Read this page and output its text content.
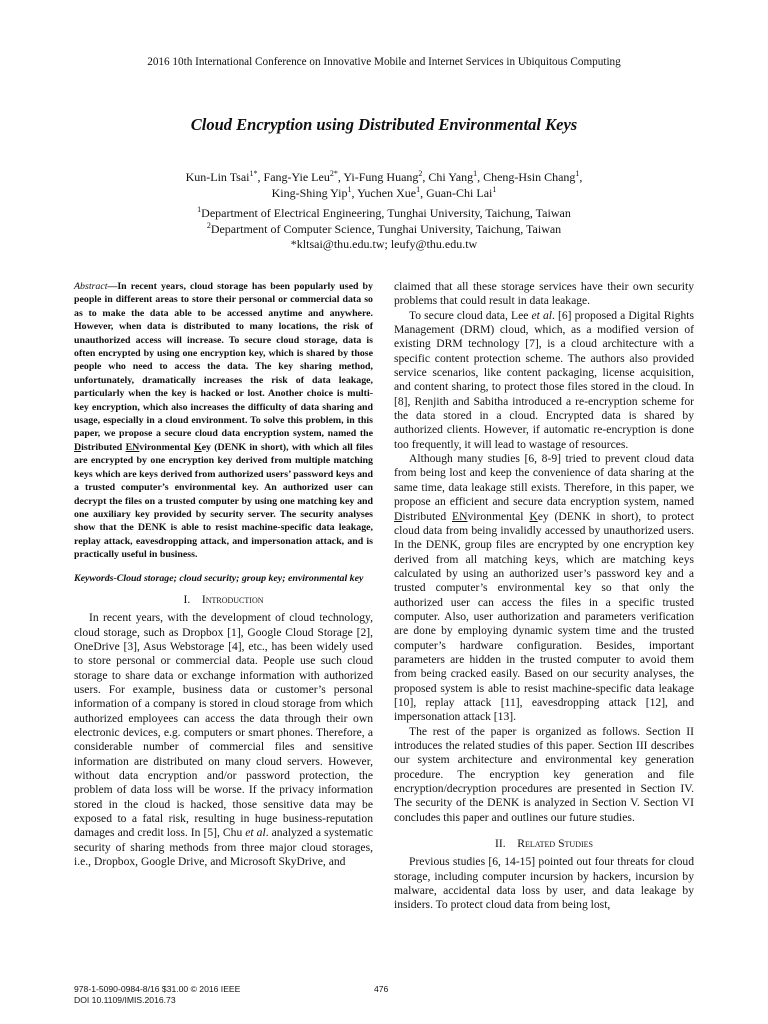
2016 10th International Conference on Innovative Mobile and Internet Services in Ubiquitous Computing
Cloud Encryption using Distributed Environmental Keys
Kun-Lin Tsai$^{1*}$, Fang-Yie Leu$^{2*}$, Yi-Fung Huang$^2$, Chi Yang$^1$, Cheng-Hsin Chang$^1$,
King-Shing Yip$^1$, Yuchen Xue$^1$, Guan-Chi Lai$^1$
$^1$Department of Electrical Engineering, Tunghai University, Taichung, Taiwan
$^2$Department of Computer Science, Tunghai University, Taichung, Taiwan
*kltsai@thu.edu.tw; leufy@thu.edu.tw

Abstract—In recent years, cloud storage has been popularly used by people in different areas to store their personal or commercial data so as to make the data able to be accessed anytime and anywhere. However, when data is distributed to many locations, the risk of unauthorized access will increase. To secure cloud storage, data is often encrypted by using one encryption key, which is shared by those people who need to access the data. The key sharing method, unfortunately, dramatically increases the risk of data leakage, particularly when the key is hacked or lost. Another choice is multi-key encryption, which also increases the difficulty of data sharing and usage, especially in a cloud environment. To solve this problem, in this paper, we propose a secure cloud data encryption system, named the Distributed ENvironmental Key (DENK in short), with which all files are encrypted by one encryption key derived from multiple matching keys which are keys derived from authorized users’ password keys and a trusted computer’s environmental key. An authorized user can decrypt the files on a trusted computer by using one matching key and one auxiliary key provided by security server. The security analyses show that the DENK is able to resist machine-specific data leakage, replay attack, eavesdropping attack, and impersonation attack, and is practically useful in business.

Keywords-Cloud storage; cloud security; group key; environmental key

I. Introduction

In recent years, with the development of cloud technology, cloud storage, such as Dropbox [1], Google Cloud Storage [2], OneDrive [3], Asus Webstorage [4], etc., has been widely used to store personal or commercial data. People use such cloud storage to share data or exchange information with authorized users. For example, business data or customer’s personal information of a company is stored in cloud storage from which authorized employees can access the data through their own electronic devices, e.g. computers or smart phones. Therefore, a considerable number of commercial files and sensitive information are distributed on many cloud servers. However, without data encryption and/or password protection, the problem of data loss will be worse. If the privacy information stored in the cloud is hacked, those sensitive data may be exposed to a fatal risk, resulting in huge business-reputation damages and credit loss. In [5], Chu et al. analyzed a systematic security of sharing methods from three major cloud storages, i.e., Dropbox, Google Drive, and Microsoft SkyDrive, and

claimed that all these storage services have their own security problems that could result in data leakage.

To secure cloud data, Lee et al. [6] proposed a Digital Rights Management (DRM) cloud, which, as a modified version of existing DRM technology [7], is a cloud architecture with a specific content protection scheme. The authors also provided service scenarios, like content packaging, license acquisition, and content sharing, to protect those files stored in the cloud. In [8], Renjith and Sabitha introduced a re-encryption scheme for the data stored in a cloud. Encrypted data is shared by authorized clients. However, if automatic re-encryption is done too frequently, it will lead to wastage of resources.

Although many studies [6, 8-9] tried to prevent cloud data from being lost and keep the convenience of data sharing at the same time, data leakage still exists. Therefore, in this paper, we propose an efficient and secure data encryption system, named Distributed ENvironmental Key (DENK in short), to protect cloud data from being invalidly accessed by unauthorized users. In the DENK, group files are encrypted by one encryption key derived from all matching keys, which are matching keys calculated by using an authorized user’s password key and a trusted computer’s environmental key so that only the authorized user can access the files in a specific trusted computer. Also, user authorization and parameters verification are done by employing dynamic system time and the trusted computer’s hardware configuration. Besides, important parameters are hidden in the trusted computer to avoid them from being cracked easily. Based on our security analyses, the proposed system is able to resist machine-specific data leakage [10], replay attack [11], eavesdropping attack [12], and impersonation attack [13].

The rest of the paper is organized as follows. Section II introduces the related studies of this paper. Section III describes our system architecture and environmental key generation procedure. The encryption key generation and file encryption/decryption procedures are presented in Section IV. The security of the DENK is analyzed in Section V. Section VI concludes this paper and outlines our future studies.

II. Related Studies

Previous studies [6, 14-15] pointed out four threats for cloud storage, including computer incursion by hackers, incursion by malware, accidental data loss by user, and data leakage by insiders. To protect cloud data from being lost,

978-1-5090-0984-8/16 $31.00 © 2016 IEEE
DOI 10.1109/IMIS.2016.73
476
